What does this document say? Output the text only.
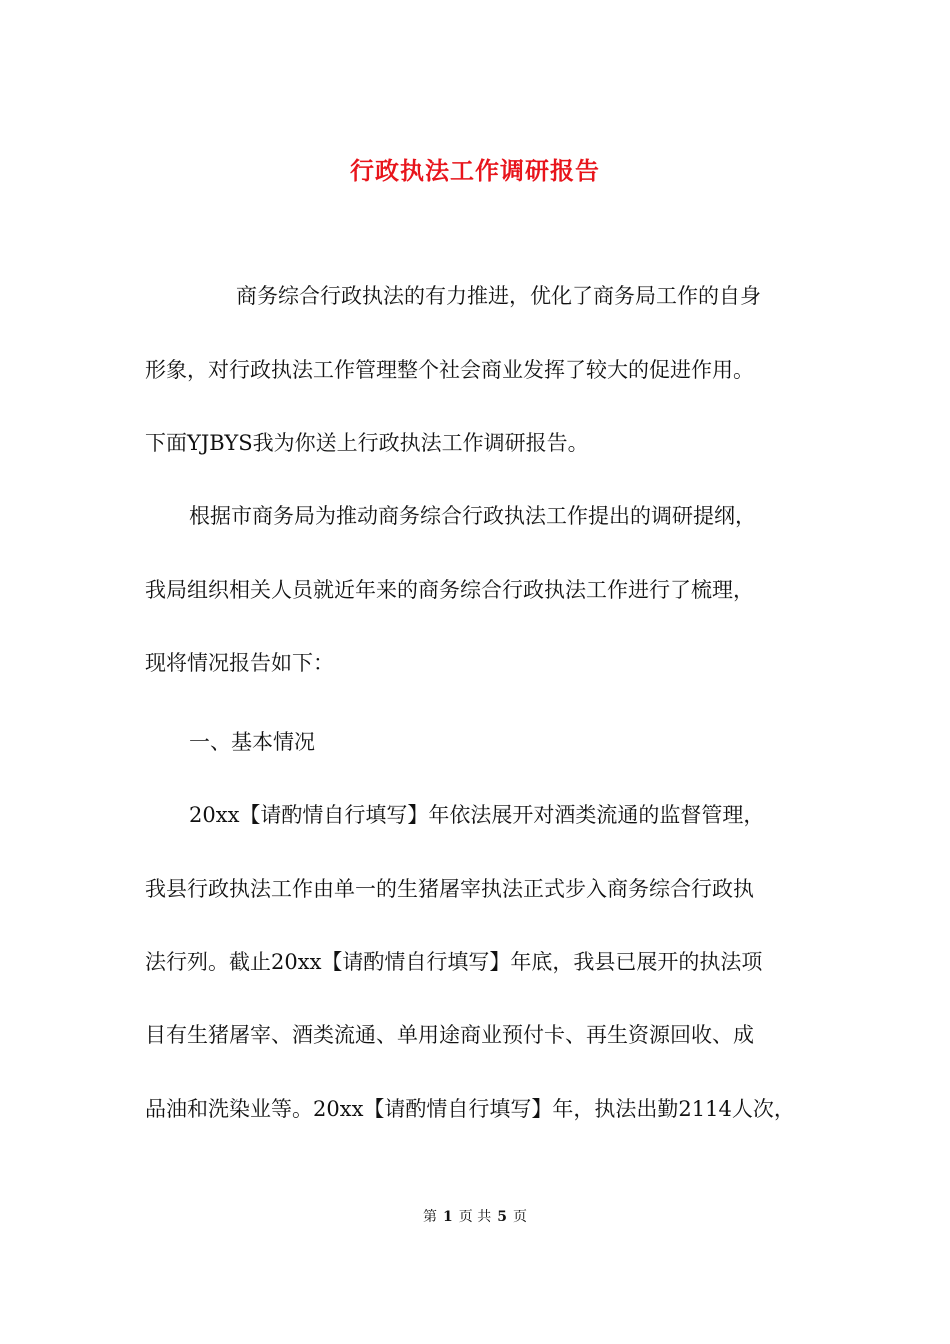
行政执法工作调研报告
商务综合行政执法的有力推进，优化了商务局工作的自身
形象，对行政执法工作管理整个社会商业发挥了较大的促进作用。
下面YJBYS我为你送上行政执法工作调研报告。
根据市商务局为推动商务综合行政执法工作提出的调研提纲，
我局组织相关人员就近年来的商务综合行政执法工作进行了梳理，
现将情况报告如下：
一、基本情况
20xx【请酌情自行填写】年依法展开对酒类流通的监督管理，
我县行政执法工作由单一的生猪屠宰执法正式步入商务综合行政执
法行列。截止20xx【请酌情自行填写】年底，我县已展开的执法项
目有生猪屠宰、酒类流通、单用途商业预付卡、再生资源回收、成
品油和洗染业等。20xx【请酌情自行填写】年，执法出勤2114人次，
第 1 页 共 5 页
